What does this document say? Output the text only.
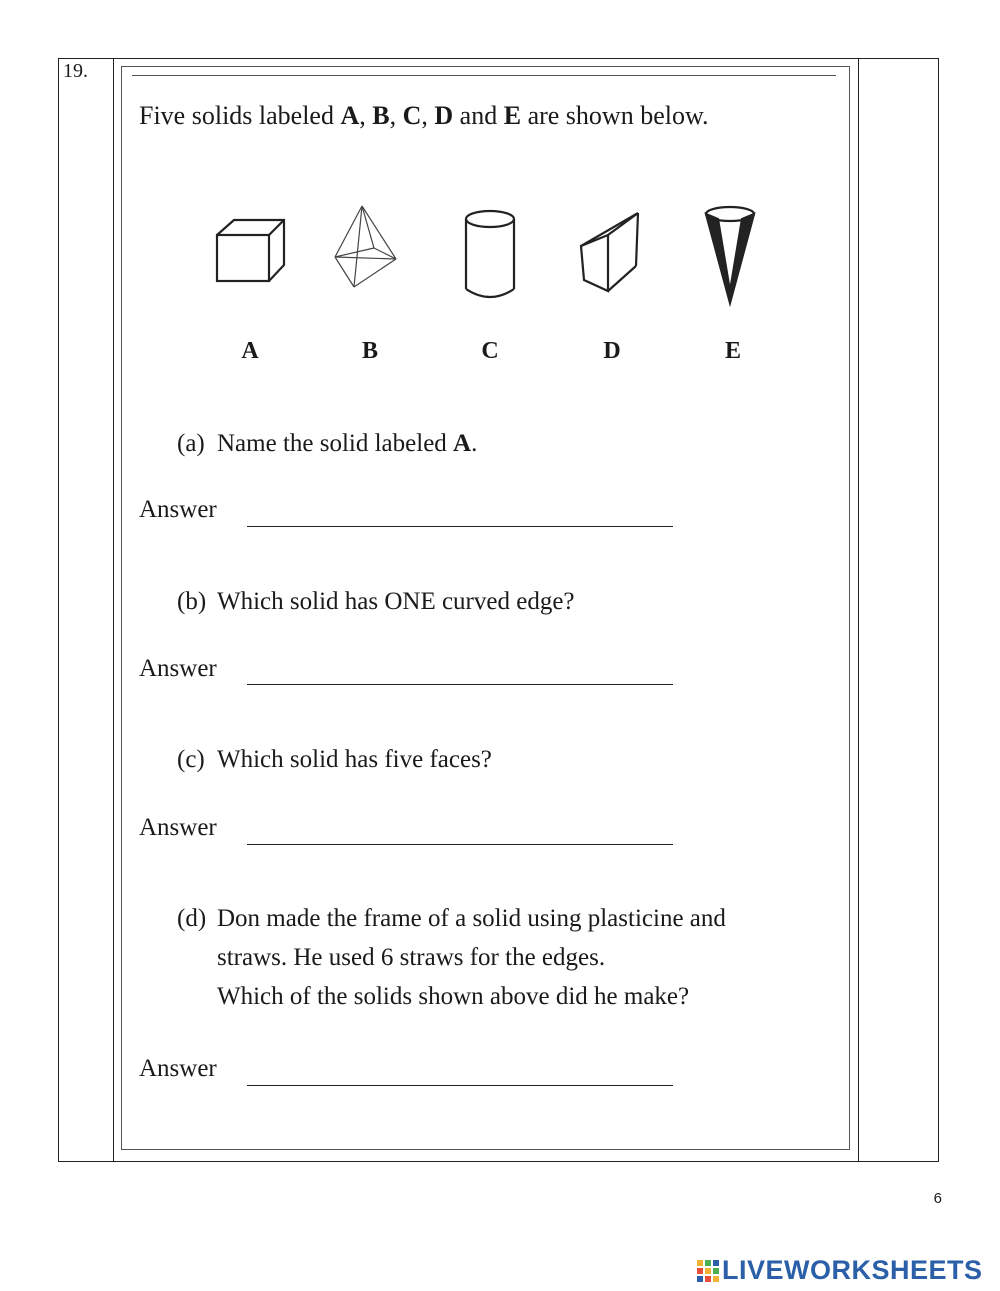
19.
Five solids labeled A, B, C, D and E are shown below.
A	B	C	D	E
(a) Name the solid labeled A.
Answer
(b) Which solid has ONE curved edge?
Answer
(c) Which solid has five faces?
Answer
(d) Don made the frame of a solid using plasticine and
straws. He used 6 straws for the edges.
Which of the solids shown above did he make?
Answer
6
LIVEWORKSHEETS
